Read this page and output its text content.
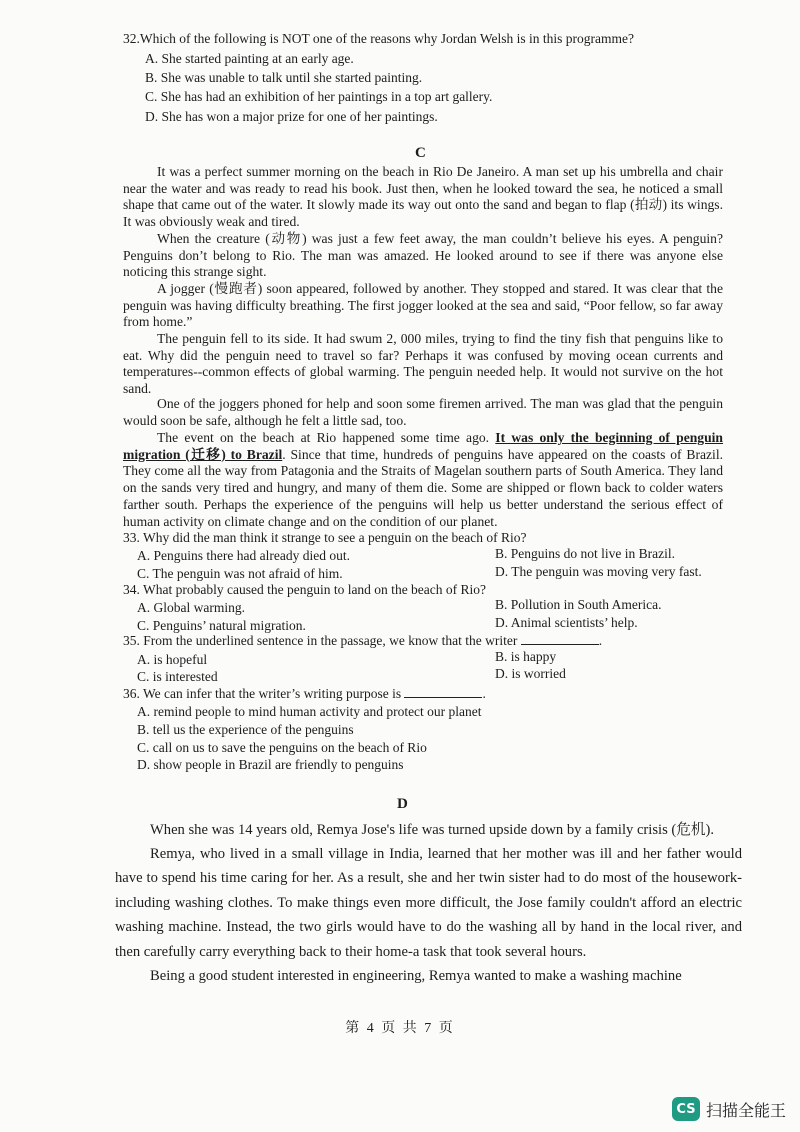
32.Which of the following is NOT one of the reasons why Jordan Welsh is in this programme?
A. She started painting at an early age.
B. She was unable to talk until she started painting.
C. She has had an exhibition of her paintings in a top art gallery.
D. She has won a major prize for one of her paintings.
C
It was a perfect summer morning on the beach in Rio De Janeiro. A man set up his umbrella and chair near the water and was ready to read his book. Just then, when he looked toward the sea, he noticed a small shape that came out of the water. It slowly made its way out onto the sand and began to flap (拍动) its wings. It was obviously weak and tired.
When the creature (动物) was just a few feet away, the man couldn’t believe his eyes. A penguin? Penguins don’t belong to Rio. The man was amazed. He looked around to see if there was anyone else noticing this strange sight.
A jogger (慢跑者) soon appeared, followed by another. They stopped and stared. It was clear that the penguin was having difficulty breathing. The first jogger looked at the sea and said, “Poor fellow, so far away from home.”
The penguin fell to its side. It had swum 2, 000 miles, trying to find the tiny fish that penguins like to eat. Why did the penguin need to travel so far? Perhaps it was confused by moving ocean currents and temperatures--common effects of global warming. The penguin needed help. It would not survive on the hot sand.
One of the joggers phoned for help and soon some firemen arrived. The man was glad that the penguin would soon be safe, although he felt a little sad, too.
The event on the beach at Rio happened some time ago. It was only the beginning of penguin migration (迁移) to Brazil. Since that time, hundreds of penguins have appeared on the coasts of Brazil. They come all the way from Patagonia and the Straits of Magelan southern parts of South America. They land on the sands very tired and hungry, and many of them die. Some are shipped or flown back to colder waters farther south. Perhaps the experience of the penguins will help us better understand the serious effect of human activity on climate change and on the condition of our planet.
33. Why did the man think it strange to see a penguin on the beach of Rio?
A. Penguins there had already died out.	B. Penguins do not live in Brazil.
C. The penguin was not afraid of him.	D. The penguin was moving very fast.
34. What probably caused the penguin to land on the beach of Rio?
A. Global warming.	B. Pollution in South America.
C. Penguins’ natural migration.	D. Animal scientists’ help.
35. From the underlined sentence in the passage, we know that the writer	.
A. is hopeful	B. is happy
C. is interested	D. is worried
36. We can infer that the writer’s writing purpose is	.
A. remind people to mind human activity and protect our planet
B. tell us the experience of the penguins
C. call on us to save the penguins on the beach of Rio
D. show people in Brazil are friendly to penguins
D
When she was 14 years old, Remya Jose's life was turned upside down by a family crisis (危机).
Remya, who lived in a small village in India, learned that her mother was ill and her father would have to spend his time caring for her. As a result, she and her twin sister had to do most of the housework-including washing clothes. To make things even more difficult, the Jose family couldn't afford an electric washing machine. Instead, the two girls would have to do the washing all by hand in the local river, and then carefully carry everything back to their home-a task that took several hours.
Being a good student interested in engineering, Remya wanted to make a washing machine
第 4 页 共 7 页
CS 扫描全能王
